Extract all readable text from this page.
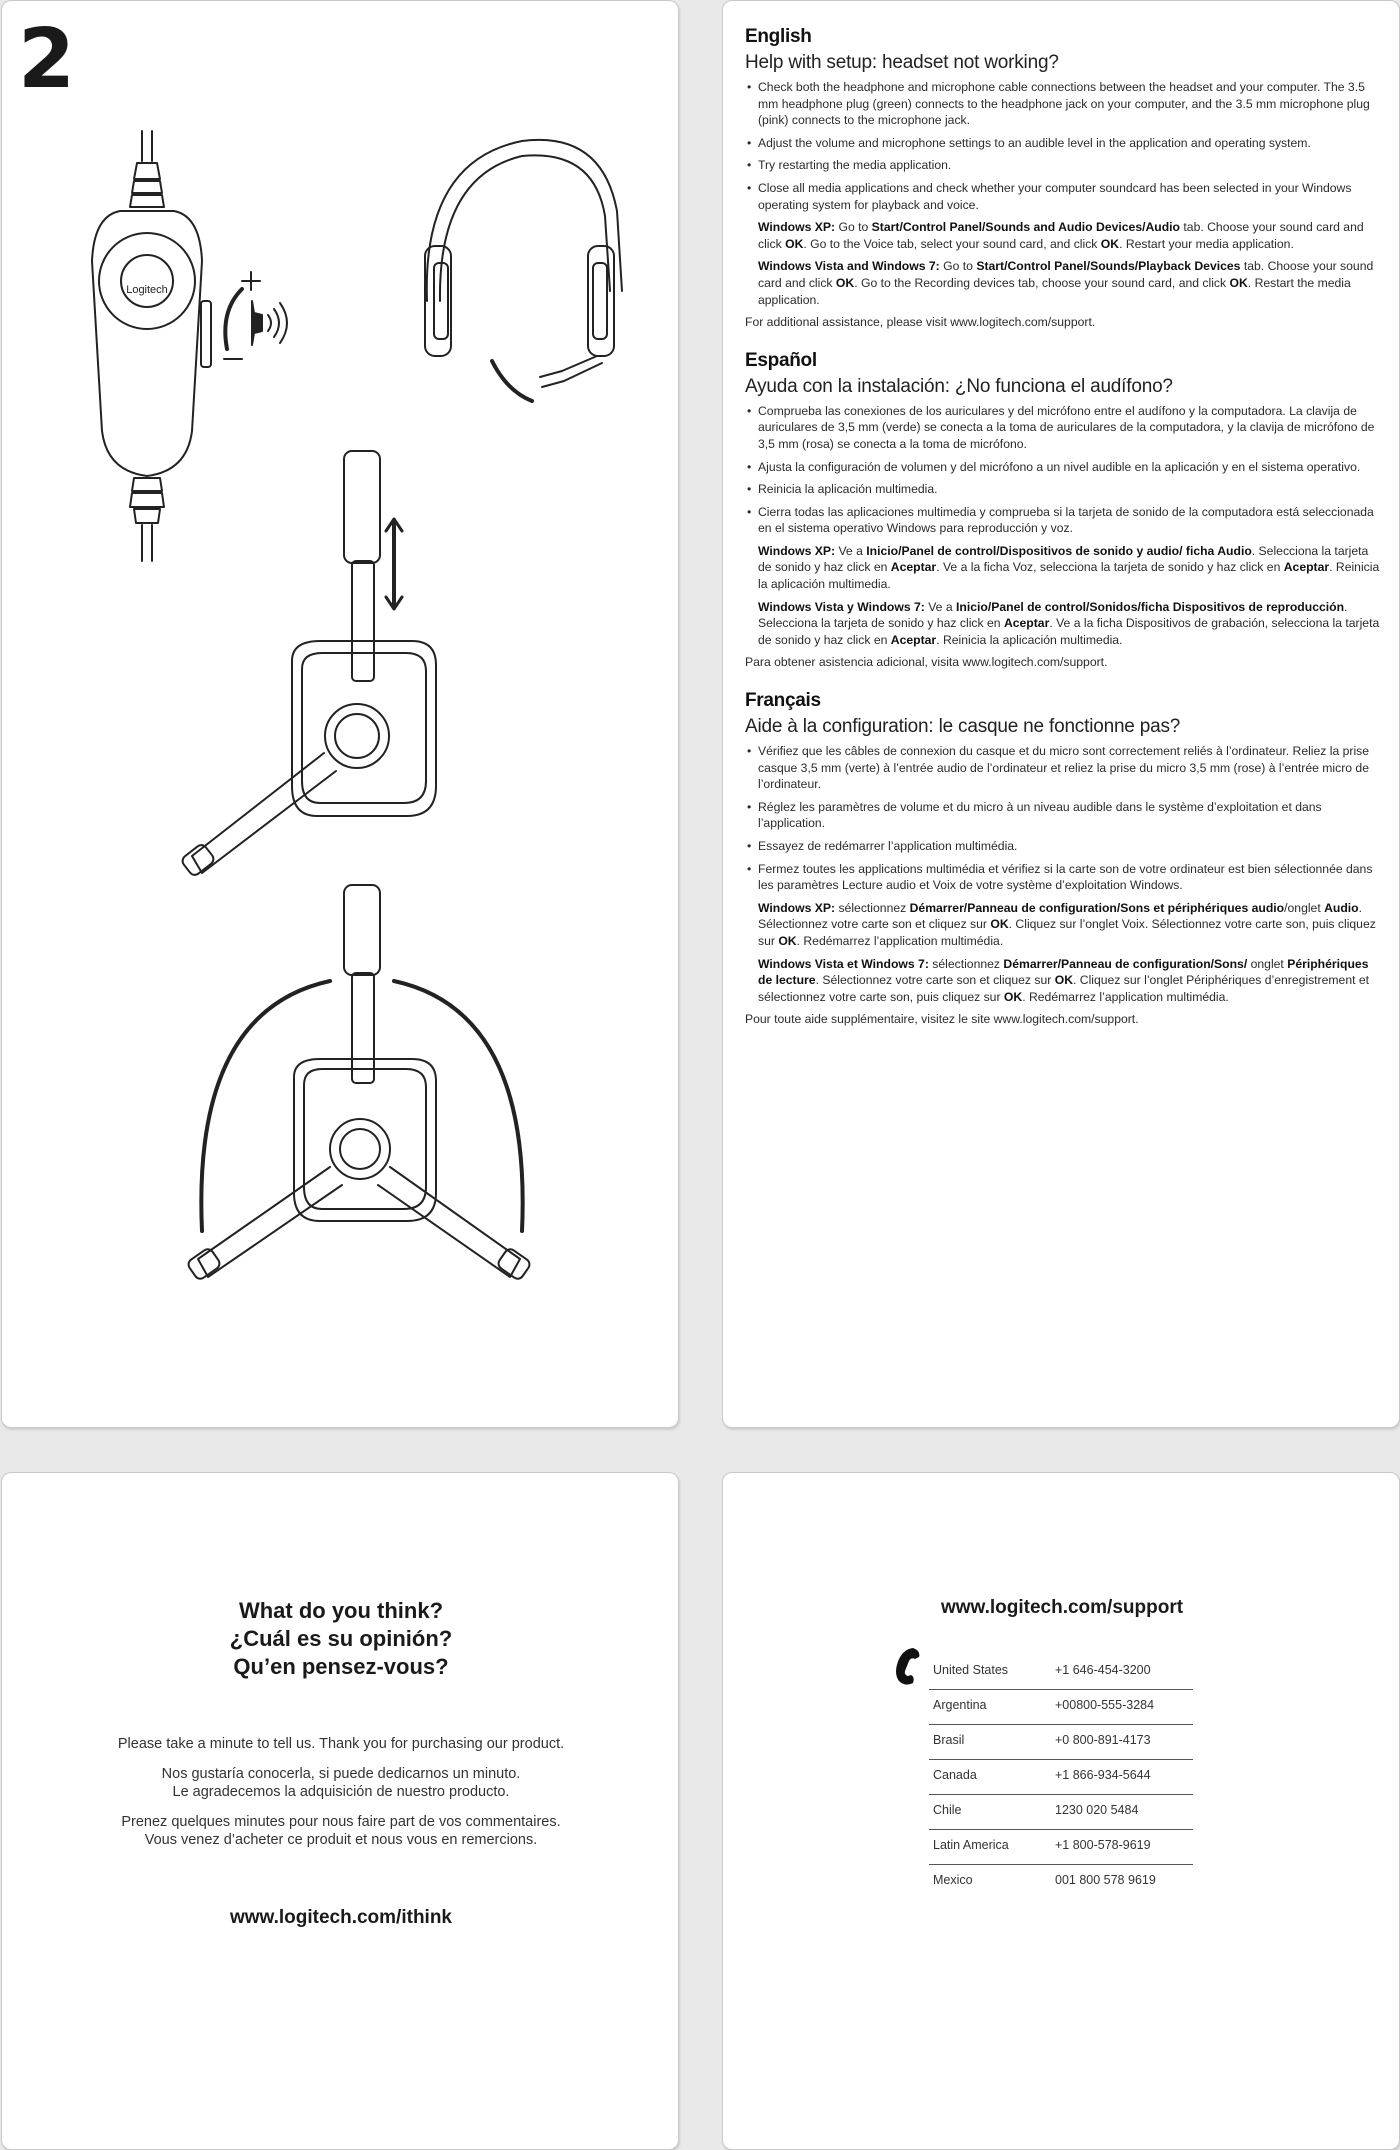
2
Logitech

English

Help with setup: headset not working?

• Check both the headphone and microphone cable connections between the headset and your computer. The 3.5 mm headphone plug (green) connects to the headphone jack on your computer, and the 3.5 mm microphone plug (pink) connects to the microphone jack.
• Adjust the volume and microphone settings to an audible level in the application and operating system.
• Try restarting the media application.
• Close all media applications and check whether your computer soundcard has been selected in your Windows operating system for playback and voice.

Windows XP: Go to Start/Control Panel/Sounds and Audio Devices/Audio tab. Choose your sound card and click OK. Go to the Voice tab, select your sound card, and click OK. Restart your media application.

Windows Vista and Windows 7: Go to Start/Control Panel/Sounds/Playback Devices tab. Choose your sound card and click OK. Go to the Recording devices tab, choose your sound card, and click OK. Restart the media application.

For additional assistance, please visit www.logitech.com/support.

Español

Ayuda con la instalación: ¿No funciona el audífono?

• Comprueba las conexiones de los auriculares y del micrófono entre el audífono y la computadora. La clavija de auriculares de 3,5 mm (verde) se conecta a la toma de auriculares de la computadora, y la clavija de micrófono de 3,5 mm (rosa) se conecta a la toma de micrófono.
• Ajusta la configuración de volumen y del micrófono a un nivel audible en la aplicación y en el sistema operativo.
• Reinicia la aplicación multimedia.
• Cierra todas las aplicaciones multimedia y comprueba si la tarjeta de sonido de la computadora está seleccionada en el sistema operativo Windows para reproducción y voz.

Windows XP: Ve a Inicio/Panel de control/Dispositivos de sonido y audio/ ficha Audio. Selecciona la tarjeta de sonido y haz click en Aceptar. Ve a la ficha Voz, selecciona la tarjeta de sonido y haz click en Aceptar. Reinicia la aplicación multimedia.

Windows Vista y Windows 7: Ve a Inicio/Panel de control/Sonidos/ficha Dispositivos de reproducción. Selecciona la tarjeta de sonido y haz click en Aceptar. Ve a la ficha Dispositivos de grabación, selecciona la tarjeta de sonido y haz click en Aceptar. Reinicia la aplicación multimedia.

Para obtener asistencia adicional, visita www.logitech.com/support.

Français

Aide à la configuration: le casque ne fonctionne pas?

• Vérifiez que les câbles de connexion du casque et du micro sont correctement reliés à l’ordinateur. Reliez la prise casque 3,5 mm (verte) à l’entrée audio de l’ordinateur et reliez la prise du micro 3,5 mm (rose) à l’entrée micro de l’ordinateur.
• Réglez les paramètres de volume et du micro à un niveau audible dans le système d’exploitation et dans l’application.
• Essayez de redémarrer l’application multimédia.
• Fermez toutes les applications multimédia et vérifiez si la carte son de votre ordinateur est bien sélectionnée dans les paramètres Lecture audio et Voix de votre système d’exploitation Windows.

Windows XP: sélectionnez Démarrer/Panneau de configuration/Sons et périphériques audio/onglet Audio. Sélectionnez votre carte son et cliquez sur OK. Cliquez sur l’onglet Voix. Sélectionnez votre carte son, puis cliquez sur OK. Redémarrez l’application multimédia.

Windows Vista et Windows 7: sélectionnez Démarrer/Panneau de configuration/Sons/ onglet Périphériques de lecture. Sélectionnez votre carte son et cliquez sur OK. Cliquez sur l’onglet Périphériques d’enregistrement et sélectionnez votre carte son, puis cliquez sur OK. Redémarrez l’application multimédia.

Pour toute aide supplémentaire, visitez le site www.logitech.com/support.

What do you think?
¿Cuál es su opinión?
Qu’en pensez-vous?
Please take a minute to tell us. Thank you for purchasing our product.
Nos gustaría conocerla, si puede dedicarnos un minuto.
Le agradecemos la adquisición de nuestro producto.
Prenez quelques minutes pour nous faire part de vos commentaires.
Vous venez d’acheter ce produit et nous vous en remercions.
www.logitech.com/ithink
www.logitech.com/support
United States	+1 646-454-3200
Argentina	+00800-555-3284
Brasil	+0 800-891-4173
Canada	+1 866-934-5644
Chile	1230 020 5484
Latin America	+1 800-578-9619
Mexico	001 800 578 9619
